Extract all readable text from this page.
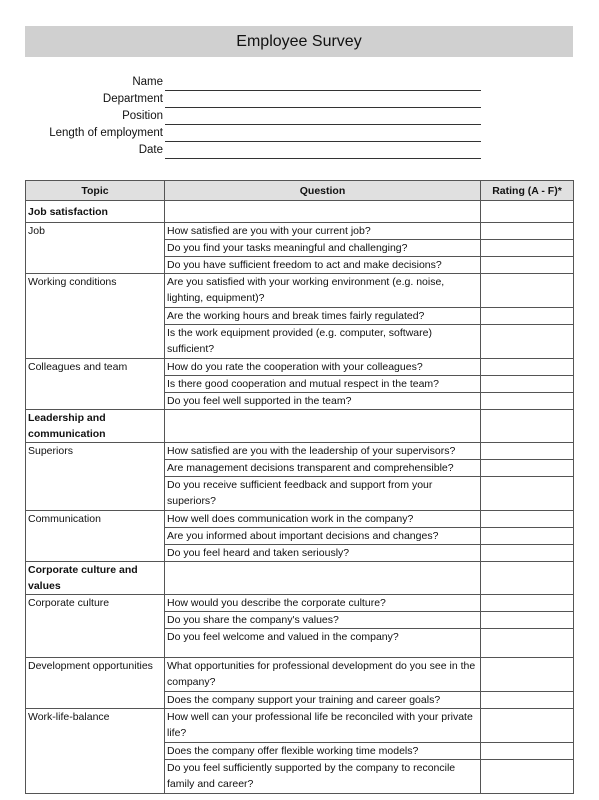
Employee Survey
Name
Department
Position
Length of employment
Date
Topic	Question	Rating (A - F)*
Job satisfaction		
Job	How satisfied are you with your current job?	
	Do you find your tasks meaningful and challenging?	
	Do you have sufficient freedom to act and make decisions?	
Working conditions	Are you satisfied with your working environment (e.g. noise, lighting, equipment)?	
	Are the working hours and break times fairly regulated?	
	Is the work equipment provided (e.g. computer, software) sufficient?	
Colleagues and team	How do you rate the cooperation with your colleagues?	
	Is there good cooperation and mutual respect in the team?	
	Do you feel well supported in the team?	
Leadership and communication		
Superiors	How satisfied are you with the leadership of your supervisors?	
	Are management decisions transparent and comprehensible?	
	Do you receive sufficient feedback and support from your superiors?	
Communication	How well does communication work in the company?	
	Are you informed about important decisions and changes?	
	Do you feel heard and taken seriously?	
Corporate culture and values		
Corporate culture	How would you describe the corporate culture?	
	Do you share the company's values?	
	Do you feel welcome and valued in the company?	
Development opportunities	What opportunities for professional development do you see in the company?	
	Does the company support your training and career goals?	
Work-life-balance	How well can your professional life be reconciled with your private life?	
	Does the company offer flexible working time models?	
	Do you feel sufficiently supported by the company to reconcile family and career?	
